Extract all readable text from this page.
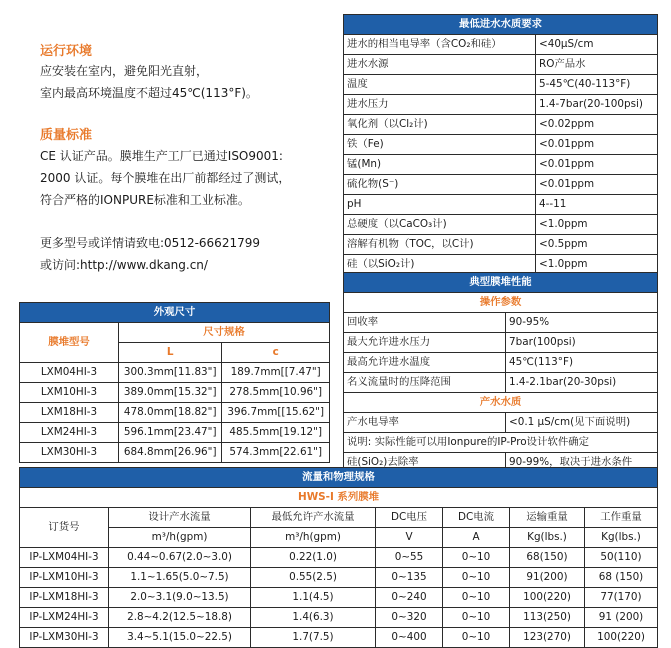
运行环境
应安装在室内，避免阳光直射，
室内最高环境温度不超过45℃(113°F)。
质量标准
CE 认证产品。膜堆生产工厂已通过ISO9001:
2000 认证。每个膜堆在出厂前都经过了测试，
符合严格的IONPURE标准和工业标准。
更多型号或详情请致电:0512-66621799
或访问:http://www.dkang.cn/
最低进水水质要求	
进水的相当电导率（含CO₂和硅）	<40μS/cm
进水水源	RO产品水
温度	5-45℃(40-113°F)
进水压力	1.4-7bar(20-100psi)
氧化剂（以Cl₂计)	<0.02ppm
铁（Fe)	<0.01ppm
锰(Mn)	<0.01ppm
硫化物(S⁻)	<0.01ppm
pH	4--11
总硬度（以CaCO₃计)	<1.0ppm
溶解有机物（TOC，以C计)	<0.5ppm
硅（以SiO₂计)	<1.0ppm
典型膜堆性能	
操作参数	
回收率	90-95%
最大允许进水压力	7bar(100psi)
最高允许进水温度	45℃(113°F)
名义流量时的压降范围	1.4-2.1bar(20-30psi)
产水水质	
产水电导率	<0.1 μS/cm(见下面说明)
说明: 实际性能可以用Ionpure的IP-Pro设计软件确定	
硅(SiO₂)去除率	90-99%，取决于进水条件
外观尺寸		
膜堆型号	尺寸规格	
	L	c
LXM04HI-3	300.3mm[11.83"]	189.7mm[[7.47"]
LXM10HI-3	389.0mm[15.32"]	278.5mm[10.96"]
LXM18HI-3	478.0mm[18.82"]	396.7mm[[15.62"]
LXM24HI-3	596.1mm[23.47"]	485.5mm[19.12"]
LXM30HI-3	684.8mm[26.96"]	574.3mm[22.61"]
流量和物理规格						
HWS-I 系列膜堆						
订货号	设计产水流量	最低允许产水流量	DC电压	DC电流	运输重量	工作重量
	m³/h(gpm)	m³/h(gpm)	V	A	Kg(lbs.)	Kg(lbs.)
IP-LXM04HI-3	0.44~0.67(2.0~3.0)	0.22(1.0)	0~55	0~10	68(150)	50(110)
IP-LXM10HI-3	1.1~1.65(5.0~7.5)	0.55(2.5)	0~135	0~10	91(200)	68 (150)
IP-LXM18HI-3	2.0~3.1(9.0~13.5)	1.1(4.5)	0~240	0~10	100(220)	77(170)
IP-LXM24HI-3	2.8~4.2(12.5~18.8)	1.4(6.3)	0~320	0~10	113(250)	91 (200)
IP-LXM30HI-3	3.4~5.1(15.0~22.5)	1.7(7.5)	0~400	0~10	123(270)	100(220)
